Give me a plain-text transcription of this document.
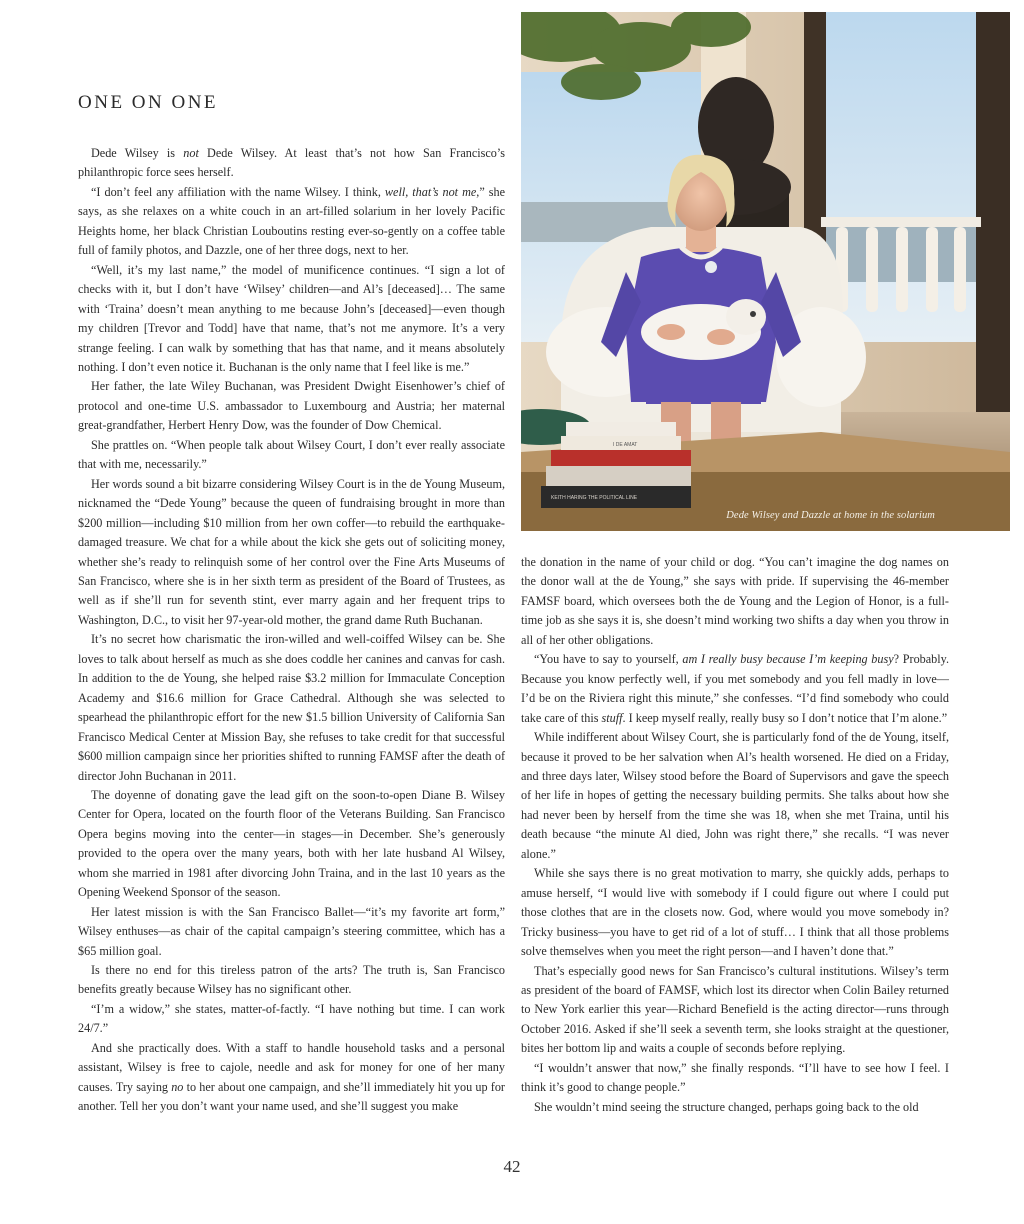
ONE ON ONE

Dede Wilsey is not Dede Wilsey. At least that’s not how San Francisco’s philanthropic force sees herself.

“I don’t feel any affiliation with the name Wilsey. I think, well, that’s not me,” she says, as she relaxes on a white couch in an art-filled solarium in her lovely Pacific Heights home, her black Christian Louboutins resting ever-so-gently on a coffee table full of family photos, and Dazzle, one of her three dogs, next to her.

“Well, it’s my last name,” the model of munificence continues. “I sign a lot of checks with it, but I don’t have ‘Wilsey’ children—and Al’s [deceased]… The same with ‘Traina’ doesn’t mean anything to me because John’s [deceased]—even though my children [Trevor and Todd] have that name, that’s not me anymore. It’s a very strange feeling. I can walk by something that has that name, and it means absolutely nothing. I don’t even notice it. Buchanan is the only name that I feel like is me.”

Her father, the late Wiley Buchanan, was President Dwight Eisenhower’s chief of protocol and one-time U.S. ambassador to Luxembourg and Austria; her maternal great-grandfather, Herbert Henry Dow, was the founder of Dow Chemical.

She prattles on. “When people talk about Wilsey Court, I don’t ever really associate that with me, necessarily.”

Her words sound a bit bizarre considering Wilsey Court is in the de Young Museum, nicknamed the “Dede Young” because the queen of fundraising brought in more than $200 million—including $10 million from her own coffer—to rebuild the earthquake-damaged treasure. We chat for a while about the kick she gets out of soliciting money, whether she’s ready to relinquish some of her control over the Fine Arts Museums of San Francisco, where she is in her sixth term as president of the Board of Trustees, as well as if she’ll run for seventh stint, ever marry again and her frequent trips to Washington, D.C., to visit her 97-year-old mother, the grand dame Ruth Buchanan.

It’s no secret how charismatic the iron-willed and well-coiffed Wilsey can be. She loves to talk about herself as much as she does coddle her canines and canvas for cash. In addition to the de Young, she helped raise $3.2 million for Immaculate Conception Academy and $16.6 million for Grace Cathedral. Although she was selected to spearhead the philanthropic effort for the new $1.5 billion University of California San Francisco Medical Center at Mission Bay, she refuses to take credit for that successful $600 million campaign since her priorities shifted to running FAMSF after the death of director John Buchanan in 2011.

The doyenne of donating gave the lead gift on the soon-to-open Diane B. Wilsey Center for Opera, located on the fourth floor of the Veterans Building. San Francisco Opera begins moving into the center—in stages—in December. She’s generously provided to the opera over the many years, both with her late husband Al Wilsey, whom she married in 1981 after divorcing John Traina, and in the last 10 years as the Opening Weekend Sponsor of the season.

Her latest mission is with the San Francisco Ballet—“it’s my favorite art form,” Wilsey enthuses—as chair of the capital campaign’s steering committee, which has a $65 million goal.

Is there no end for this tireless patron of the arts? The truth is, San Francisco benefits greatly because Wilsey has no significant other.

“I’m a widow,” she states, matter-of-factly. “I have nothing but time. I can work 24/7.”

And she practically does. With a staff to handle household tasks and a personal assistant, Wilsey is free to cajole, needle and ask for money for one of her many causes. Try saying no to her about one campaign, and she’ll immediately hit you up for another. Tell her you don’t want your name used, and she’ll suggest you make

I DE AMAT
KEITH HARING THE POLITICAL LINE
Dede Wilsey and Dazzle at home in the solarium

the donation in the name of your child or dog. “You can’t imagine the dog names on the donor wall at the de Young,” she says with pride. If supervising the 46-member FAMSF board, which oversees both the de Young and the Legion of Honor, is a full-time job as she says it is, she doesn’t mind working two shifts a day when you throw in all of her other obligations.

“You have to say to yourself, am I really busy because I’m keeping busy? Probably. Because you know perfectly well, if you met somebody and you fell madly in love—I’d be on the Riviera right this minute,” she confesses. “I’d find somebody who could take care of this stuff. I keep myself really, really busy so I don’t notice that I’m alone.”

While indifferent about Wilsey Court, she is particularly fond of the de Young, itself, because it proved to be her salvation when Al’s health worsened. He died on a Friday, and three days later, Wilsey stood before the Board of Supervisors and gave the speech of her life in hopes of getting the necessary building permits. She talks about how she had never been by herself from the time she was 18, when she met Traina, until his death because “the minute Al died, John was right there,” she recalls. “I was never alone.”

While she says there is no great motivation to marry, she quickly adds, perhaps to amuse herself, “I would live with somebody if I could figure out where I could put those clothes that are in the closets now. God, where would you move somebody in? Tricky business—you have to get rid of a lot of stuff… I think that all those problems solve themselves when you meet the right person—and I haven’t done that.”

That’s especially good news for San Francisco’s cultural institutions. Wilsey’s term as president of the board of FAMSF, which lost its director when Colin Bailey returned to New York earlier this year—Richard Benefield is the acting director—runs through October 2016. Asked if she’ll seek a seventh term, she looks straight at the questioner, bites her bottom lip and waits a couple of seconds before replying.

“I wouldn’t answer that now,” she finally responds. “I’ll have to see how I feel. I think it’s good to change people.”

She wouldn’t mind seeing the structure changed, perhaps going back to the old

42
